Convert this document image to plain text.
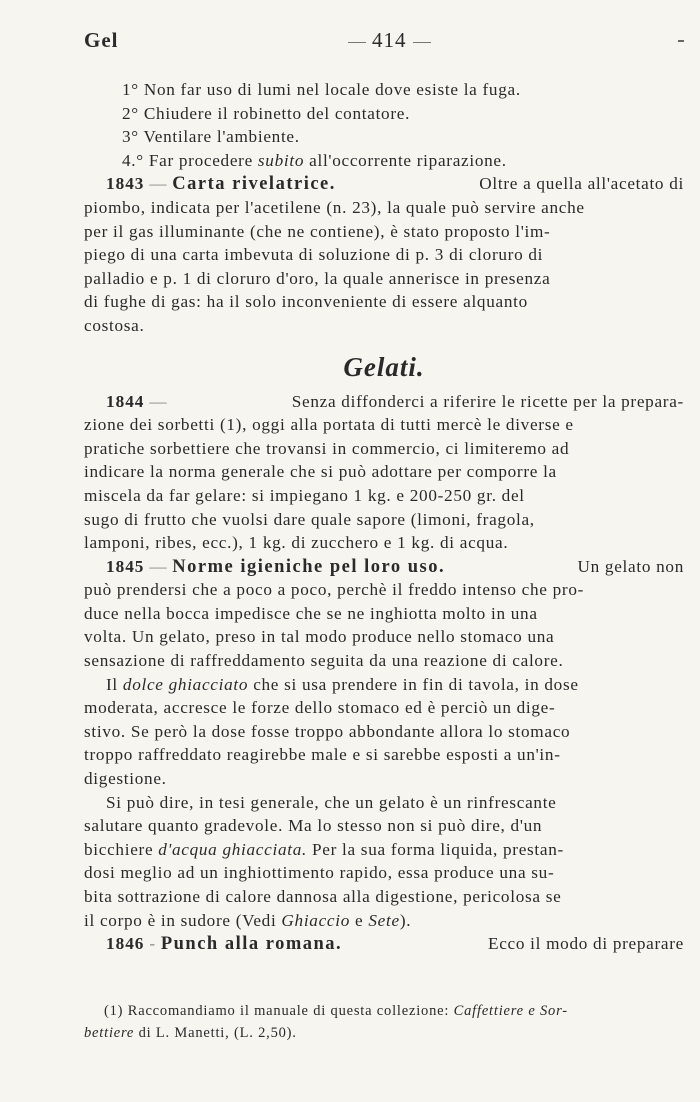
Gel	414
1° Non far uso di lumi nel locale dove esiste la fuga.
2° Chiudere il robinetto del contatore.
3° Ventilare l'ambiente.
4.° Far procedere subito all'occorrente riparazione.
1843 — Carta rivelatrice.	Oltre a quella all'acetato di
piombo, indicata per l'acetilene (n. 23), la quale può servire anche
per il gas illuminante (che ne contiene), è stato proposto l'im-
piego di una carta imbevuta di soluzione di p. 3 di cloruro di
palladio e p. 1 di cloruro d'oro, la quale annerisce in presenza
di fughe di gas: ha il solo inconveniente di essere alquanto
costosa.
Gelati.
1844 —	Senza diffonderci a riferire le ricette per la prepara-
zione dei sorbetti (1), oggi alla portata di tutti mercè le diverse e
pratiche sorbettiere che trovansi in commercio, ci limiteremo ad
indicare la norma generale che si può adottare per comporre la
miscela da far gelare: si impiegano 1 kg. e 200-250 gr. del
sugo di frutto che vuolsi dare quale sapore (limoni, fragola,
lamponi, ribes, ecc.), 1 kg. di zucchero e 1 kg. di acqua.
1845 — Norme igieniche pel loro uso.	Un gelato non
può prendersi che a poco a poco, perchè il freddo intenso che pro-
duce nella bocca impedisce che se ne inghiotta molto in una
volta. Un gelato, preso in tal modo produce nello stomaco una
sensazione di raffreddamento seguita da una reazione di calore.
Il dolce ghiacciato che si usa prendere in fin di tavola, in dose
moderata, accresce le forze dello stomaco ed è perciò un dige-
stivo. Se però la dose fosse troppo abbondante allora lo stomaco
troppo raffreddato reagirebbe male e si sarebbe esposti a un'in-
digestione.
Si può dire, in tesi generale, che un gelato è un rinfrescante
salutare quanto gradevole. Ma lo stesso non si può dire, d'un
bicchiere d'acqua ghiacciata. Per la sua forma liquida, prestan-
dosi meglio ad un inghiottimento rapido, essa produce una su-
bita sottrazione di calore dannosa alla digestione, pericolosa se
il corpo è in sudore (Vedi Ghiaccio e Sete).
1846 - Punch alla romana.	Ecco il modo di preparare
(1) Raccomandiamo il manuale di questa collezione: Caffettiere e Sor-
bettiere di L. Manetti, (L. 2,50).
